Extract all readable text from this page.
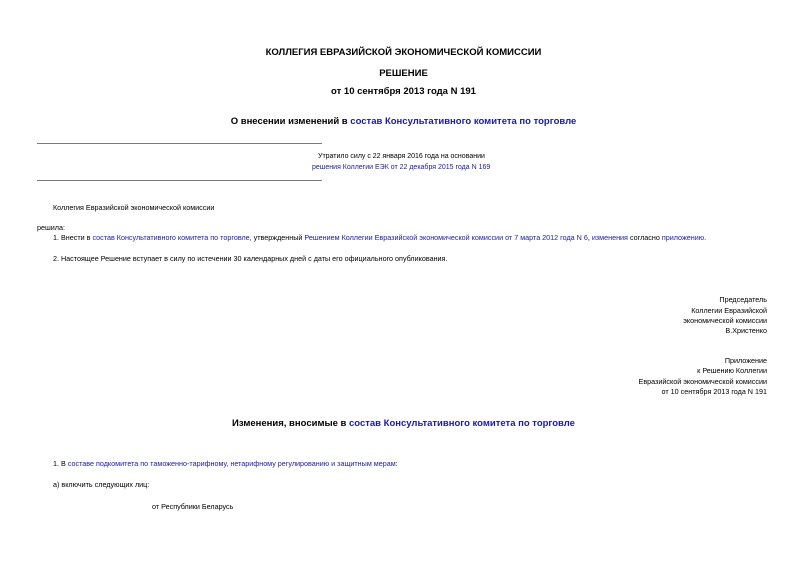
КОЛЛЕГИЯ ЕВРАЗИЙСКОЙ ЭКОНОМИЧЕСКОЙ КОМИССИИ
РЕШЕНИЕ
от 10 сентября 2013 года N 191
О внесении изменений в состав Консультативного комитета по торговле
Утратило силу с 22 января 2016 года на основании
решения Коллегии ЕЭК от 22 декабря 2015 года N 169
Коллегия Евразийской экономической комиссии
решила:
1. Внести в состав Консультативного комитета по торговле, утвержденный Решением Коллегии Евразийской экономической комиссии от 7 марта 2012 года N 6, изменения согласно приложению.
2. Настоящее Решение вступает в силу по истечении 30 календарных дней с даты его официального опубликования.
Председатель
Коллегии Евразийской
экономической комиссии
В.Христенко
Приложение
к Решению Коллегии
Евразийской экономической комиссии
от 10 сентября 2013 года N 191
Изменения, вносимые в состав Консультативного комитета по торговле
1. В составе подкомитета по таможенно-тарифному, нетарифному регулированию и защитным мерам:
а) включить следующих лиц:
от Республики Беларусь
